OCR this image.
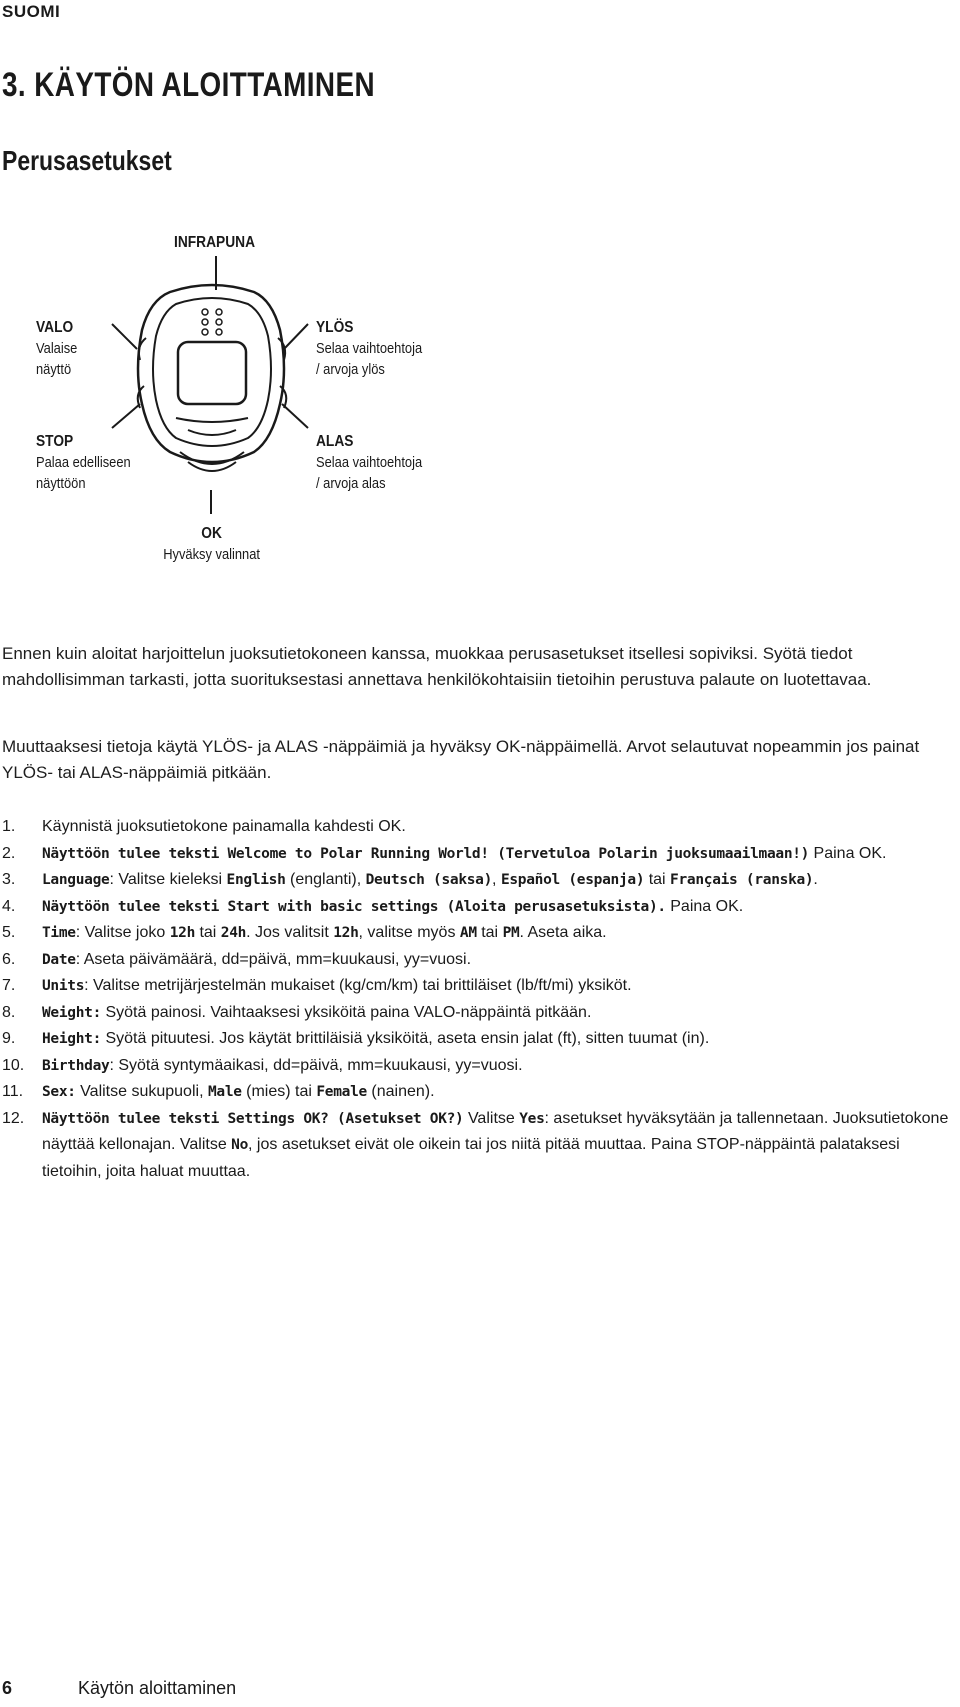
SUOMI
3. KÄYTÖN ALOITTAMINEN
Perusasetukset
INFRAPUNA
VALO
Valaise
näyttö
YLÖS
Selaa vaihtoehtoja
/ arvoja ylös
STOP
Palaa edelliseen
näyttöön
ALAS
Selaa vaihtoehtoja
/ arvoja alas
OK
Hyväksy valinnat
Ennen kuin aloitat harjoittelun juoksutietokoneen kanssa, muokkaa perusasetukset itsellesi sopiviksi. Syötä tiedot mahdollisimman tarkasti, jotta suorituksestasi annettava henkilökohtaisiin tietoihin perustuva palaute on luotettavaa.
Muuttaaksesi tietoja käytä YLÖS- ja ALAS -näppäimiä ja hyväksy OK-näppäimellä. Arvot selautuvat nopeammin jos painat YLÖS- tai ALAS-näppäimiä pitkään.
1.	Käynnistä juoksutietokone painamalla kahdesti OK.
2.	Näyttöön tulee teksti Welcome to Polar Running World! (Tervetuloa Polarin juoksumaailmaan!) Paina OK.
3.	Language: Valitse kieleksi English (englanti), Deutsch (saksa), Español (espanja) tai Français (ranska).
4.	Näyttöön tulee teksti Start with basic settings (Aloita perusasetuksista). Paina OK.
5.	Time: Valitse joko 12h tai 24h. Jos valitsit 12h, valitse myös AM tai PM. Aseta aika.
6.	Date: Aseta päivämäärä, dd=päivä, mm=kuukausi, yy=vuosi.
7.	Units: Valitse metrijärjestelmän mukaiset (kg/cm/km) tai brittiläiset (lb/ft/mi) yksiköt.
8.	Weight: Syötä painosi. Vaihtaaksesi yksiköitä paina VALO-näppäintä pitkään.
9.	Height: Syötä pituutesi. Jos käytät brittiläisiä yksiköitä, aseta ensin jalat (ft), sitten tuumat (in).
10.	Birthday: Syötä syntymäaikasi, dd=päivä, mm=kuukausi, yy=vuosi.
11.	Sex: Valitse sukupuoli, Male (mies) tai Female (nainen).
12.	Näyttöön tulee teksti Settings OK? (Asetukset OK?) Valitse Yes: asetukset hyväksytään ja tallennetaan. Juoksutietokone näyttää kellonajan. Valitse No, jos asetukset eivät ole oikein tai jos niitä pitää muuttaa. Paina STOP-näppäintä palataksesi tietoihin, joita haluat muuttaa.
6	Käytön aloittaminen
